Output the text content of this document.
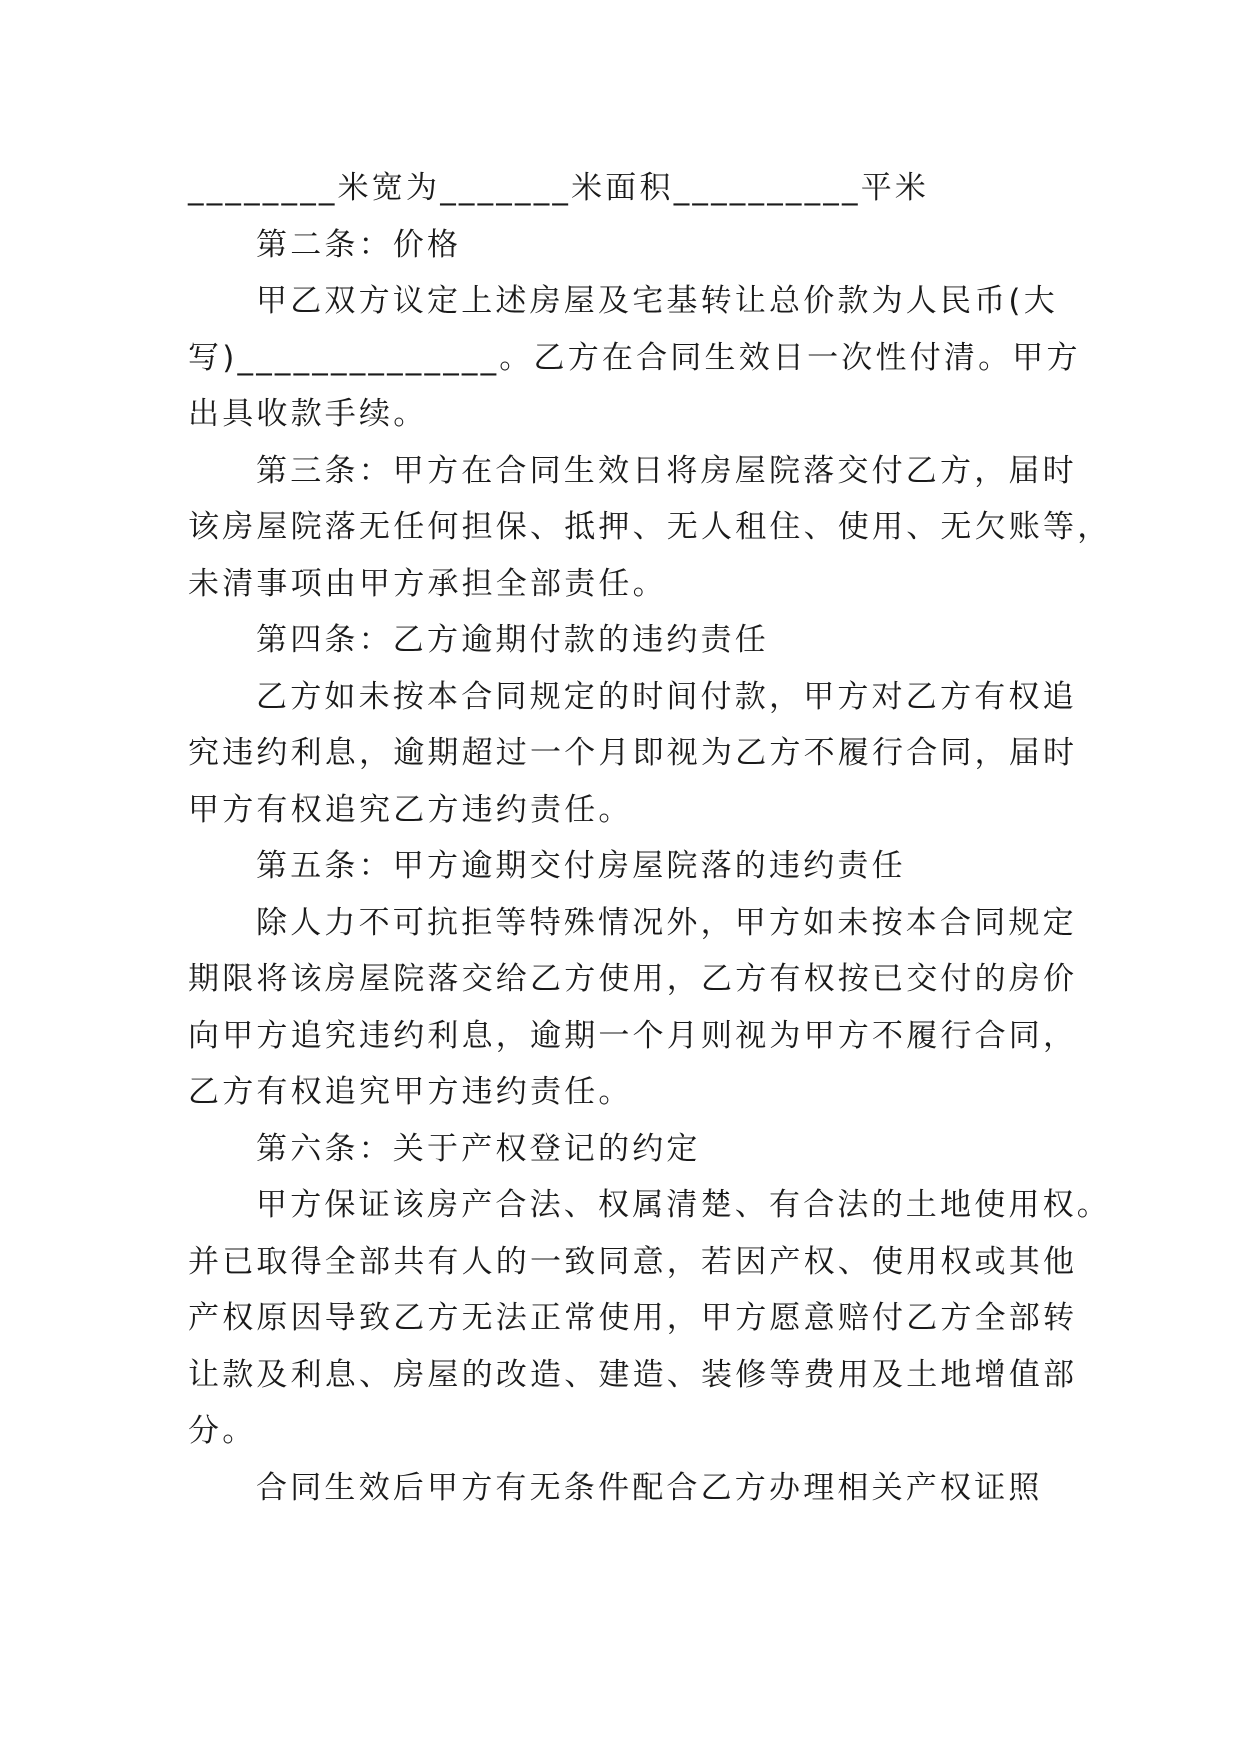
________米宽为_______米面积__________平米
第二条：价格
甲乙双方议定上述房屋及宅基转让总价款为人民币(大
写)______________。乙方在合同生效日一次性付清。甲方
出具收款手续。
第三条：甲方在合同生效日将房屋院落交付乙方，届时
该房屋院落无任何担保、抵押、无人租住、使用、无欠账等，
未清事项由甲方承担全部责任。
第四条：乙方逾期付款的违约责任
乙方如未按本合同规定的时间付款，甲方对乙方有权追
究违约利息，逾期超过一个月即视为乙方不履行合同，届时
甲方有权追究乙方违约责任。
第五条：甲方逾期交付房屋院落的违约责任
除人力不可抗拒等特殊情况外，甲方如未按本合同规定
期限将该房屋院落交给乙方使用，乙方有权按已交付的房价
向甲方追究违约利息，逾期一个月则视为甲方不履行合同，
乙方有权追究甲方违约责任。
第六条：关于产权登记的约定
甲方保证该房产合法、权属清楚、有合法的土地使用权。
并已取得全部共有人的一致同意，若因产权、使用权或其他
产权原因导致乙方无法正常使用，甲方愿意赔付乙方全部转
让款及利息、房屋的改造、建造、装修等费用及土地增值部
分。
合同生效后甲方有无条件配合乙方办理相关产权证照
